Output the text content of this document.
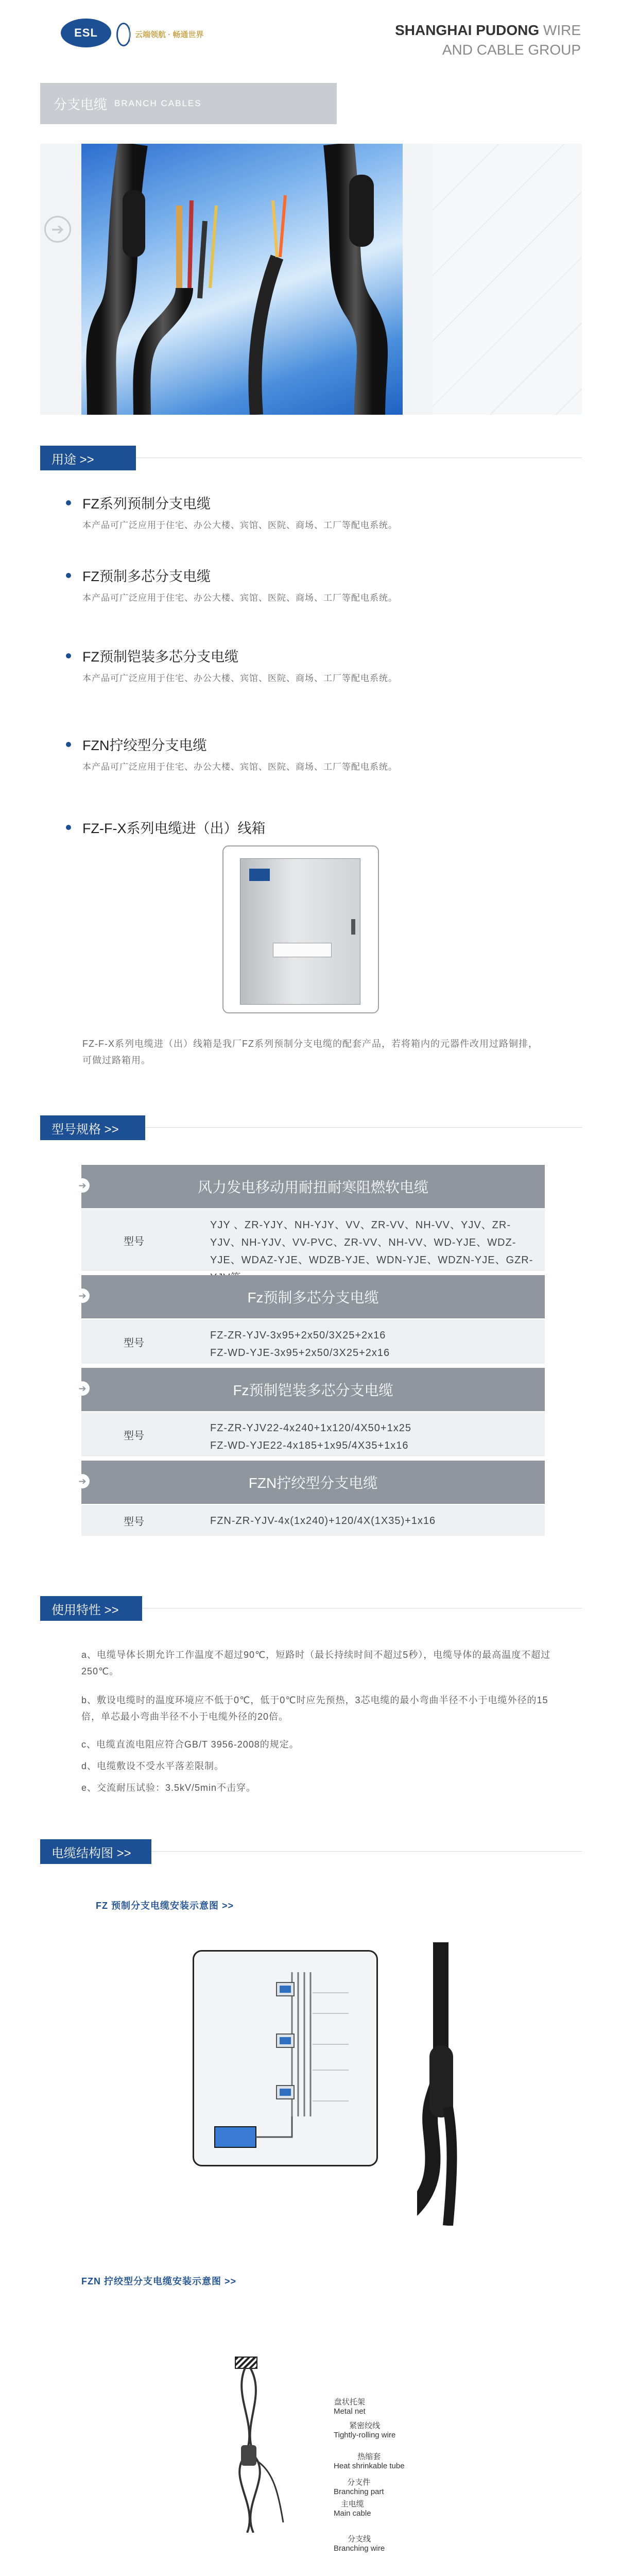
ESL	云端领航 · 畅通世界	SHANGHAI PUDONG WIRE
AND CABLE GROUP
分支电缆 BRANCH CABLES
➔
用途 >>
FZ系列预制分支电缆
本产品可广泛应用于住宅、办公大楼、宾馆、医院、商场、工厂等配电系统。
FZ预制多芯分支电缆
本产品可广泛应用于住宅、办公大楼、宾馆、医院、商场、工厂等配电系统。
FZ预制铠装多芯分支电缆
本产品可广泛应用于住宅、办公大楼、宾馆、医院、商场、工厂等配电系统。
FZN拧绞型分支电缆
本产品可广泛应用于住宅、办公大楼、宾馆、医院、商场、工厂等配电系统。
FZ-F-X系列电缆进（出）线箱
FZ-F-X系列电缆进（出）线箱是我厂FZ系列预制分支电缆的配套产品，若将箱内的元器件改用过路铜排，可做过路箱用。
型号规格 >>
➔	风力发电移动用耐扭耐寒阻燃软电缆
型号
YJY 、ZR-YJY、NH-YJY、VV、ZR-VV、NH-VV、YJV、ZR-YJV、NH-YJV、VV-PVC、ZR-VV、NH-VV、WD-YJE、WDZ-YJE、WDAZ-YJE、WDZB-YJE、WDN-YJE、WDZN-YJE、GZR-
➔	Fz预制多芯分支电缆
型号
FZ-ZR-YJV-3x95+2x50/3X25+2x16
FZ-WD-YJE-3x95+2x50/3X25+2x16
➔	Fz预制铠装多芯分支电缆
型号
FZ-ZR-YJV22-4x240+1x120/4X50+1x25
FZ-WD-YJE22-4x185+1x95/4X35+1x16
➔	FZN拧绞型分支电缆
型号	FZN-ZR-YJV-4x(1x240)+120/4X(1X35)+1x16
使用特性 >>
a、电缆导体长期允许工作温度不超过90℃，短路时（最长持续时间不超过5秒），电缆导体的最高温度不超过250℃。
b、敷设电缆时的温度环境应不低于0℃，低于0℃时应先预热，3芯电缆的最小弯曲半径不小于电缆外径的15倍，单芯最小弯曲半径不小于电缆外径的20倍。
c、电缆直流电阻应符合GB/T 3956-2008的规定。
d、电缆敷设不受水平落差限制。
e、交流耐压试验：3.5kV/5min不击穿。
电缆结构图 >>
FZ 预制分支电缆安装示意图 >>
FZN 拧绞型分支电缆安装示意图 >>
盘状托架
Metal net
紧密绞线
Tightly-rolling wire
热缩套
Heat shrinkable tube
分支件
Branching part
主电缆
Main cable
分支线
Branching wire
